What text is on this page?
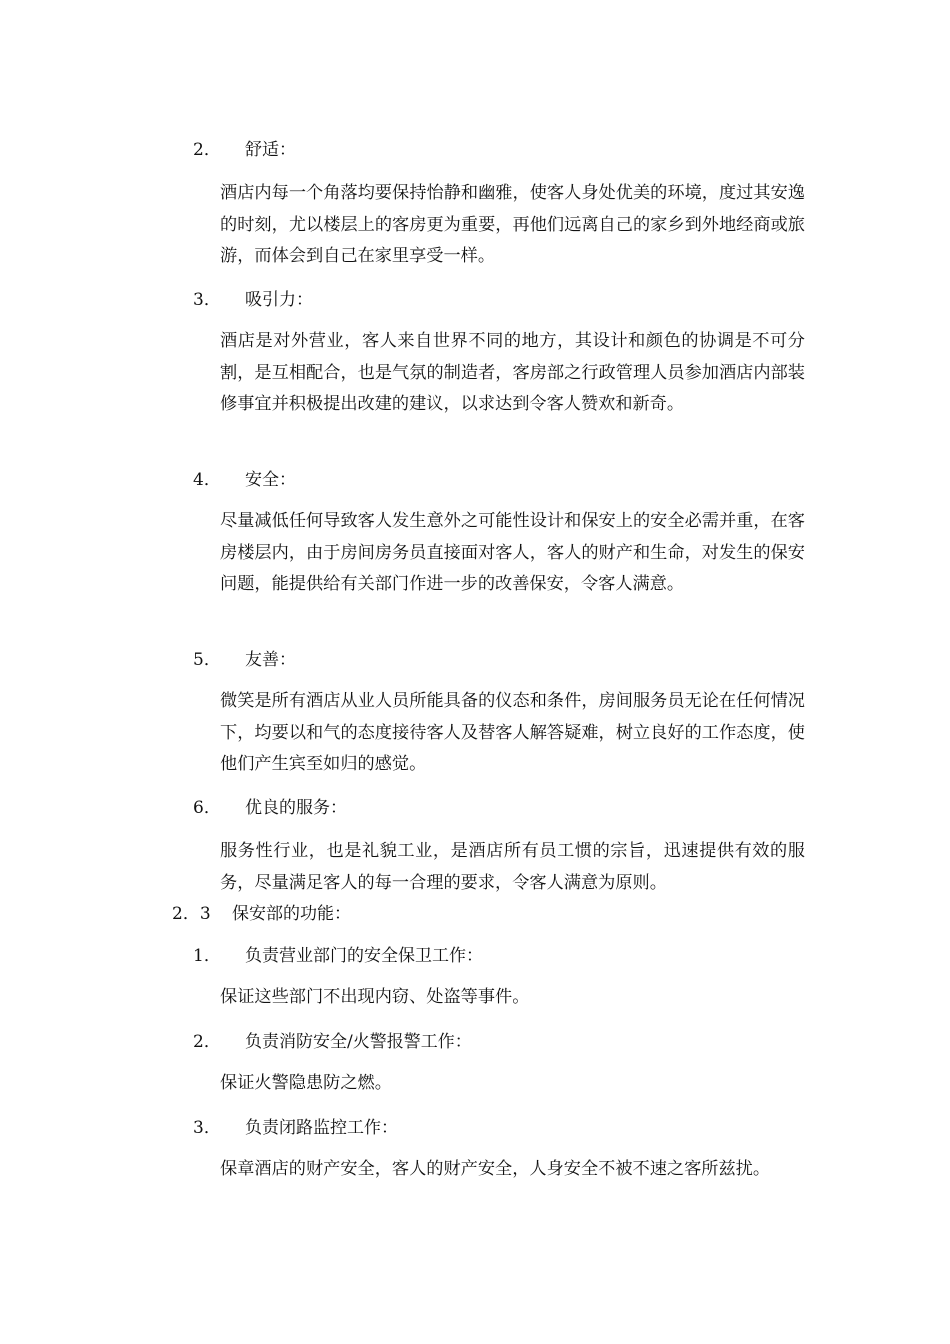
2． 舒适：

酒店内每一个角落均要保持怡静和幽雅，使客人身处优美的环境，度过其安逸的时刻，尤以楼层上的客房更为重要，再他们远离自己的家乡到外地经商或旅游，而体会到自己在家里享受一样。

3． 吸引力：

酒店是对外营业，客人来自世界不同的地方，其设计和颜色的协调是不可分割，是互相配合，也是气氛的制造者，客房部之行政管理人员参加酒店内部装修事宜并积极提出改建的建议，以求达到令客人赞欢和新奇。

4． 安全：

尽量减低任何导致客人发生意外之可能性设计和保安上的安全必需并重，在客房楼层内，由于房间房务员直接面对客人，客人的财产和生命，对发生的保安问题，能提供给有关部门作进一步的改善保安，令客人满意。

5． 友善：

微笑是所有酒店从业人员所能具备的仪态和条件，房间服务员无论在任何情况下，均要以和气的态度接待客人及替客人解答疑难，树立良好的工作态度，使他们产生宾至如归的感觉。

6． 优良的服务：

服务性行业，也是礼貌工业，是酒店所有员工惯的宗旨，迅速提供有效的服务，尽量满足客人的每一合理的要求，令客人满意为原则。

2．3 保安部的功能：
1． 负责营业部门的安全保卫工作：

保证这些部门不出现内窃、处盗等事件。

2． 负责消防安全/火警报警工作：

保证火警隐患防之燃。

3． 负责闭路监控工作：

保章酒店的财产安全，客人的财产安全，人身安全不被不速之客所兹扰。
